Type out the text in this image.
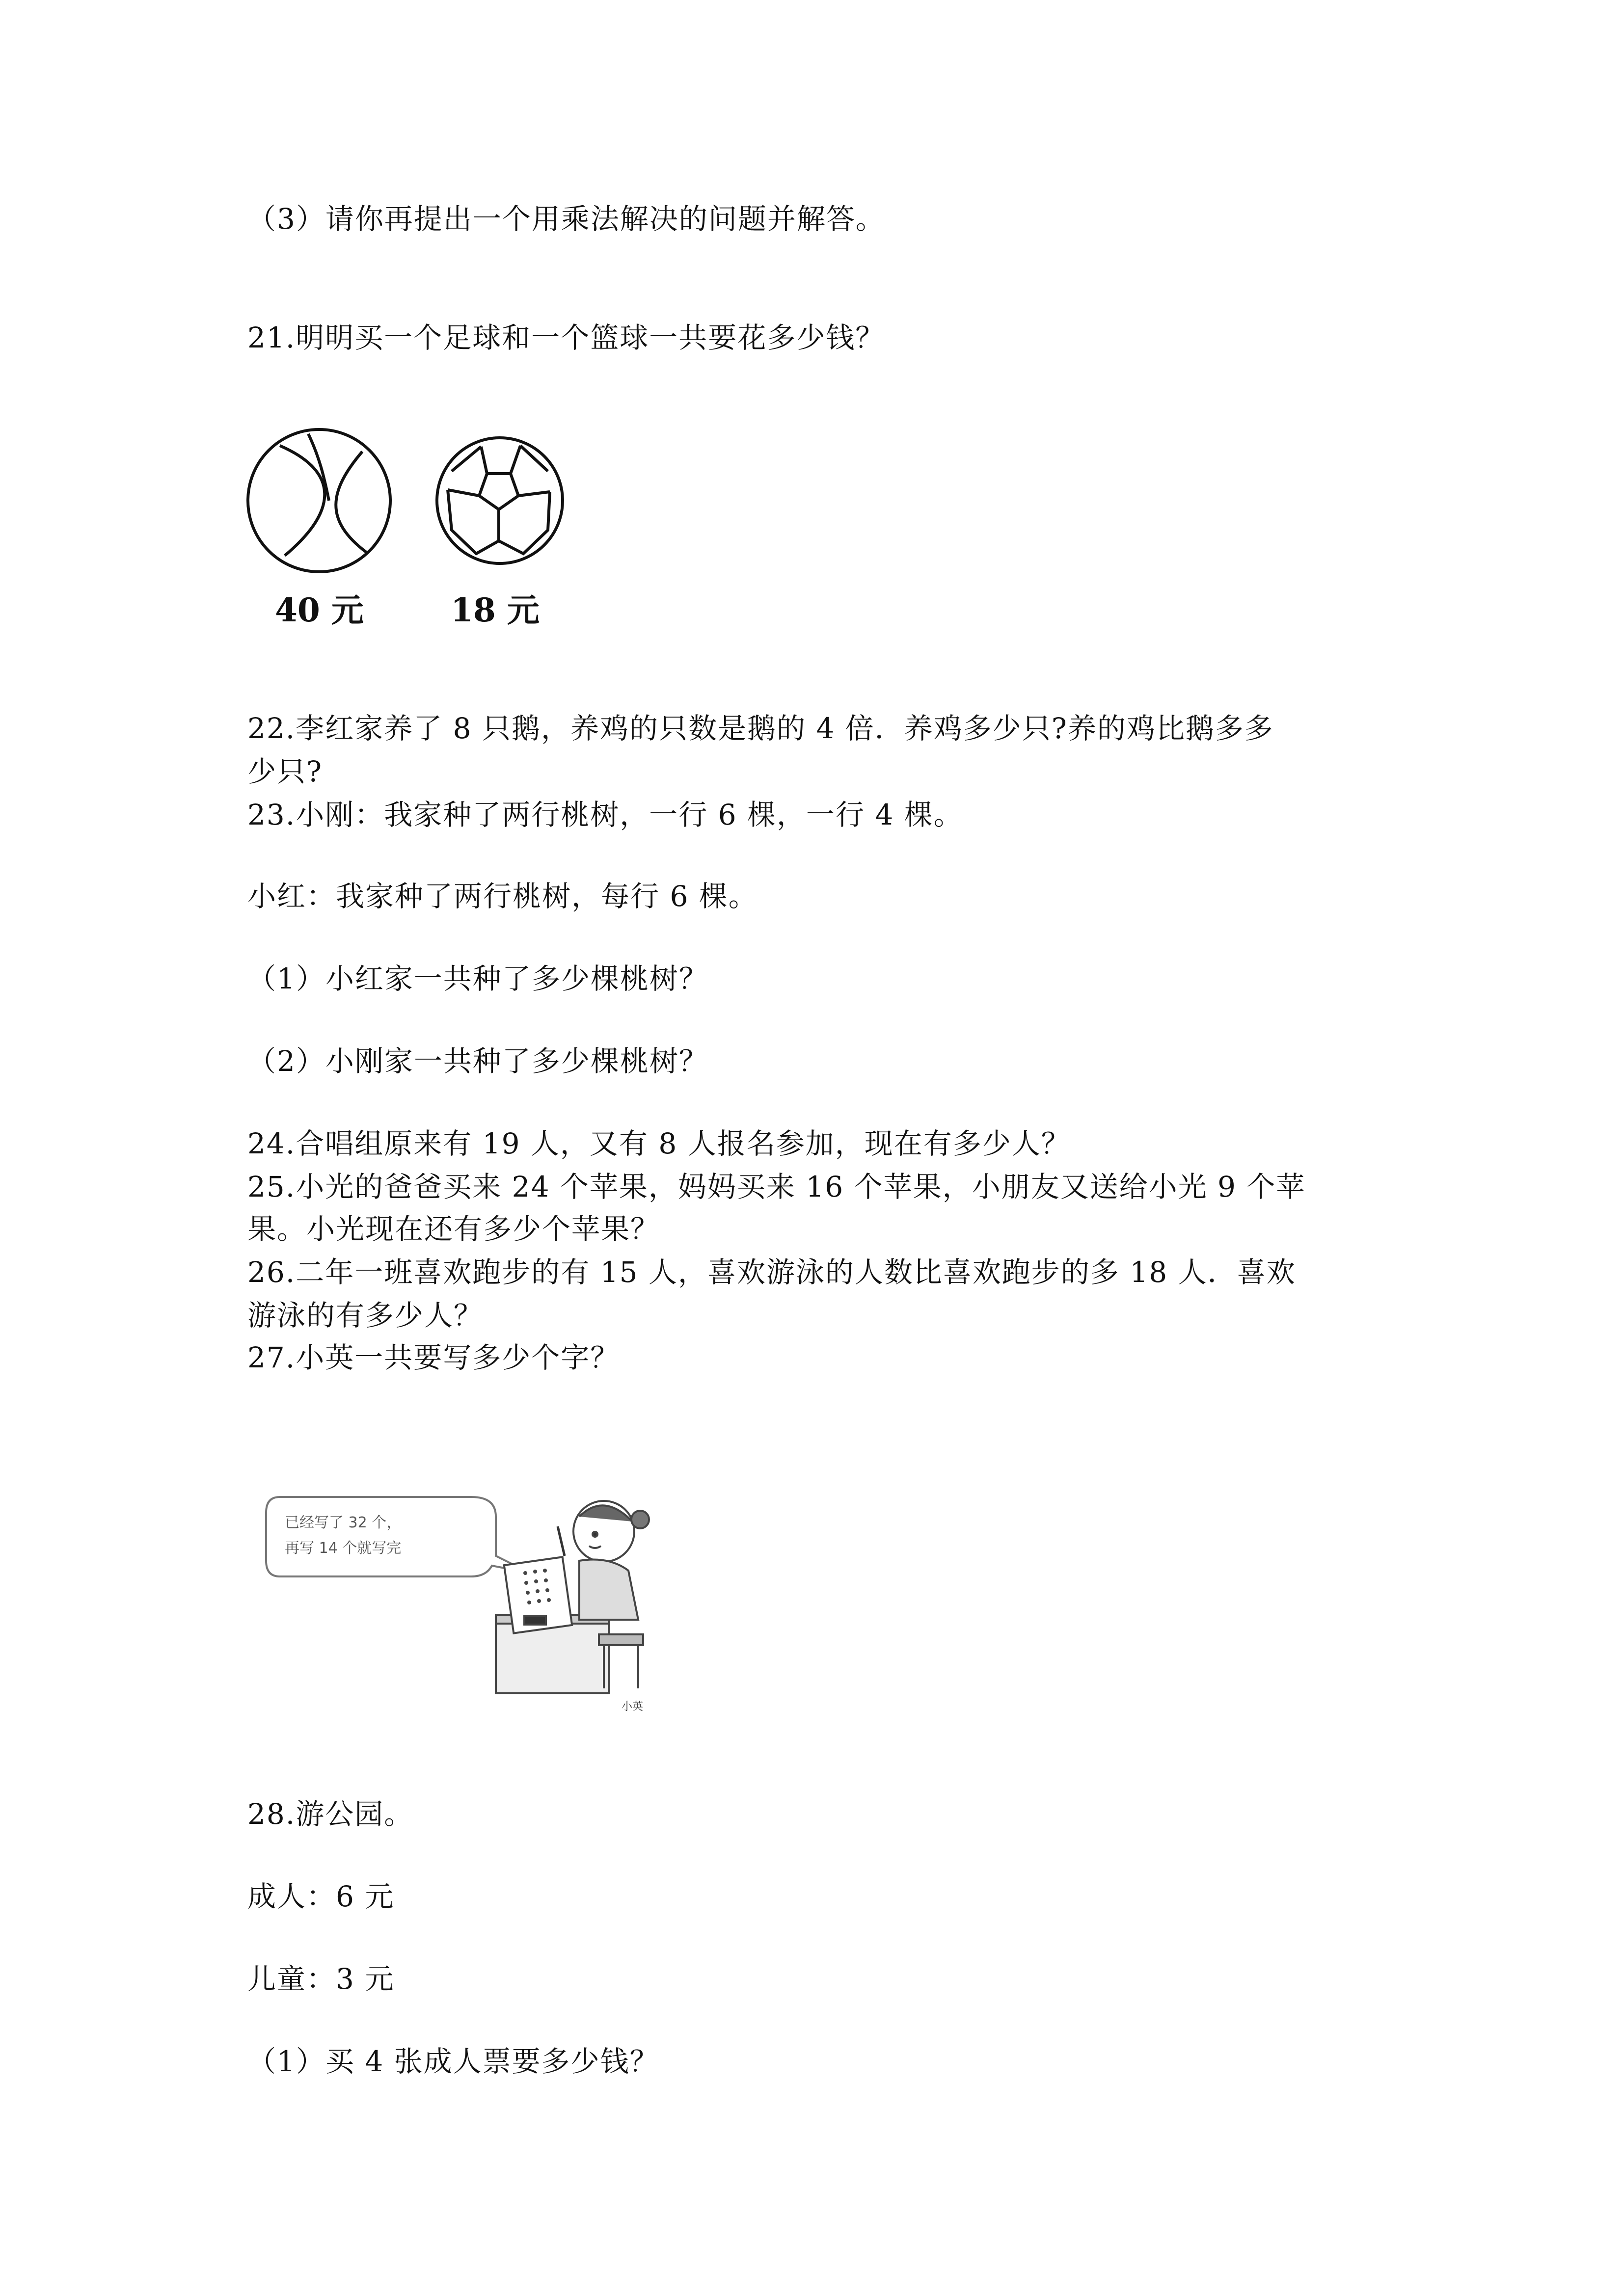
（3）请你再提出一个用乘法解决的问题并解答。
21.明明买一个足球和一个篮球一共要花多少钱？
40 元	18 元
22.李红家养了 8 只鹅，养鸡的只数是鹅的 4 倍．养鸡多少只?养的鸡比鹅多多
少只?
23.小刚：我家种了两行桃树，一行 6 棵，一行 4 棵。
小红：我家种了两行桃树，每行 6 棵。
（1）小红家一共种了多少棵桃树？
（2）小刚家一共种了多少棵桃树？
24.合唱组原来有 19 人，又有 8 人报名参加，现在有多少人？
25.小光的爸爸买来 24 个苹果，妈妈买来 16 个苹果，小朋友又送给小光 9 个苹
果。小光现在还有多少个苹果？
26.二年一班喜欢跑步的有 15 人，喜欢游泳的人数比喜欢跑步的多 18 人．喜欢
游泳的有多少人？
27.小英一共要写多少个字？
已经写了 32 个，
再写 14 个就写完
小英
28.游公园。
成人：6 元
儿童：3 元
（1）买 4 张成人票要多少钱？
